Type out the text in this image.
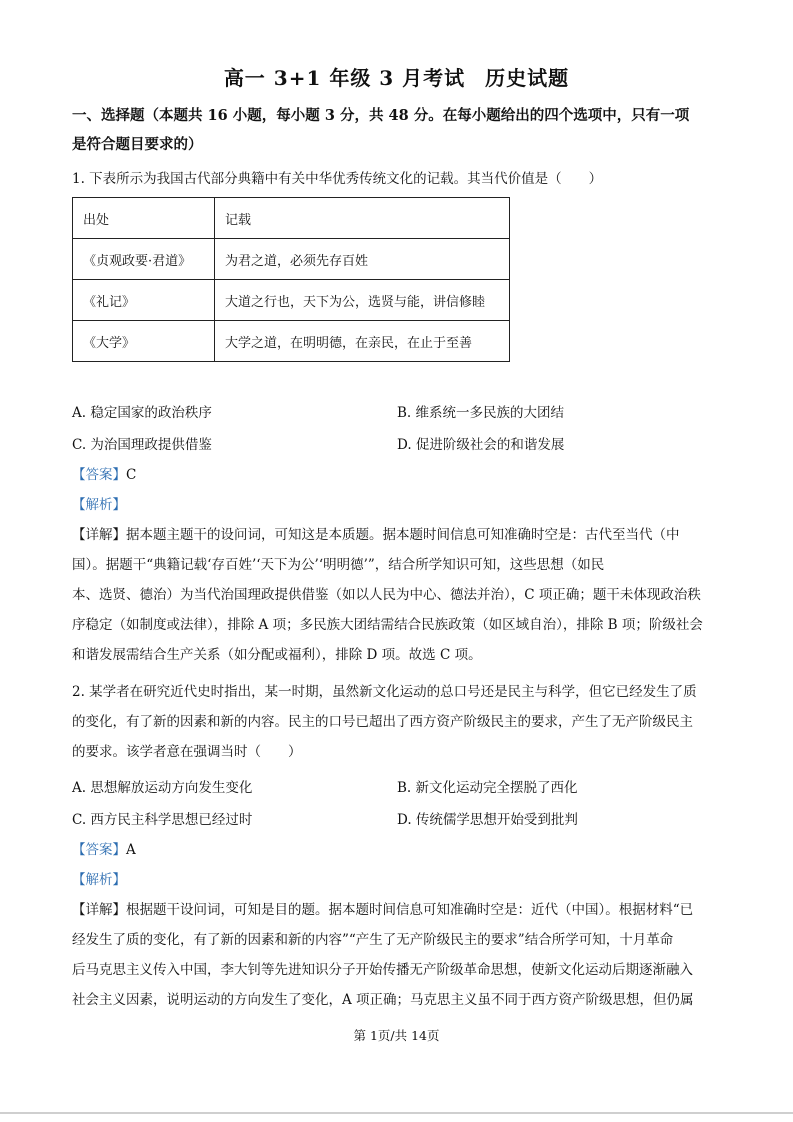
高一 3+1 年级 3 月考试 历史试题
一、选择题（本题共 16 小题，每小题 3 分，共 48 分。在每小题给出的四个选项中，只有一项
是符合题目要求的）
1. 下表所示为我国古代部分典籍中有关中华优秀传统文化的记载。其当代价值是（　　）
出处	记载
《贞观政要·君道》	为君之道，必须先存百姓
《礼记》	大道之行也，天下为公，选贤与能，讲信修睦
《大学》	大学之道，在明明德，在亲民，在止于至善
A. 稳定国家的政治秩序	B. 维系统一多民族的大团结
C. 为治国理政提供借鉴	D. 促进阶级社会的和谐发展
【答案】C
【解析】
【详解】据本题主题干的设问词，可知这是本质题。据本题时间信息可知准确时空是：古代至当代（中
国）。据题干“典籍记载‘存百姓’‘天下为公’‘明明德’”，结合所学知识可知，这些思想（如民
本、选贤、德治）为当代治国理政提供借鉴（如以人民为中心、德法并治），C 项正确；题干未体现政治秩
序稳定（如制度或法律），排除 A 项；多民族大团结需结合民族政策（如区域自治），排除 B 项；阶级社会
和谐发展需结合生产关系（如分配或福利），排除 D 项。故选 C 项。
2. 某学者在研究近代史时指出，某一时期，虽然新文化运动的总口号还是民主与科学，但它已经发生了质
的变化，有了新的因素和新的内容。民主的口号已超出了西方资产阶级民主的要求，产生了无产阶级民主
的要求。该学者意在强调当时（　　）
A. 思想解放运动方向发生变化	B. 新文化运动完全摆脱了西化
C. 西方民主科学思想已经过时	D. 传统儒学思想开始受到批判
【答案】A
【解析】
【详解】根据题干设问词，可知是目的题。据本题时间信息可知准确时空是：近代（中国）。根据材料“已
经发生了质的变化，有了新的因素和新的内容”“产生了无产阶级民主的要求”结合所学可知，十月革命
后马克思主义传入中国，李大钊等先进知识分子开始传播无产阶级革命思想，使新文化运动后期逐渐融入
社会主义因素，说明运动的方向发生了变化，A 项正确；马克思主义虽不同于西方资产阶级思想，但仍属
第 1页/共 14页
